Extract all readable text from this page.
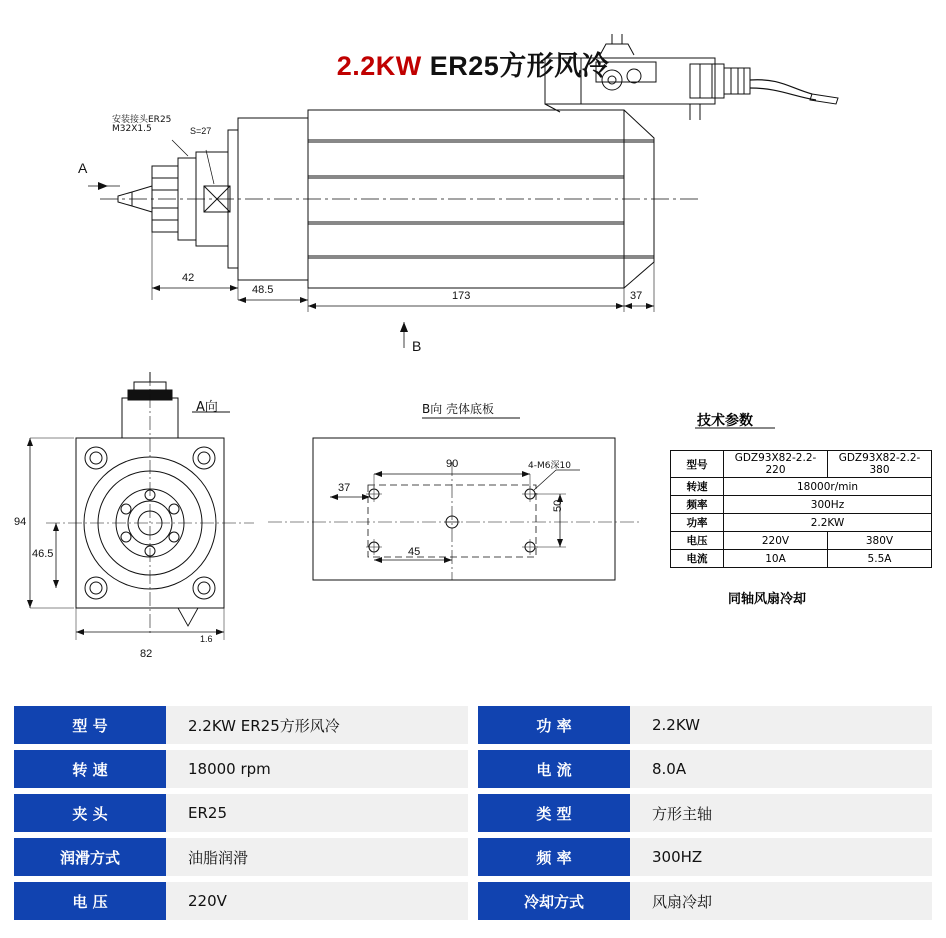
2.2KW ER25方形风冷
安装接头ER25
M32X1.5	S=27
A
B
42
48.5	173	37
A向
94
46.5
82
1.6
B向 壳体底板
90
37
45
50
4-M6深10
技术参数
型号	GDZ93X82-2.2-220	GDZ93X82-2.2-380
转速	18000r/min	
频率	300Hz	
功率	2.2KW	
电压	220V	380V
电流	10A	5.5A
同轴风扇冷却
型 号	2.2KW ER25方形风冷	功 率	2.2KW
转 速	18000 rpm	电 流	8.0A
夹 头	ER25	类 型	方形主轴
润滑方式	油脂润滑	频 率	300HZ
电 压	220V	冷却方式	风扇冷却
